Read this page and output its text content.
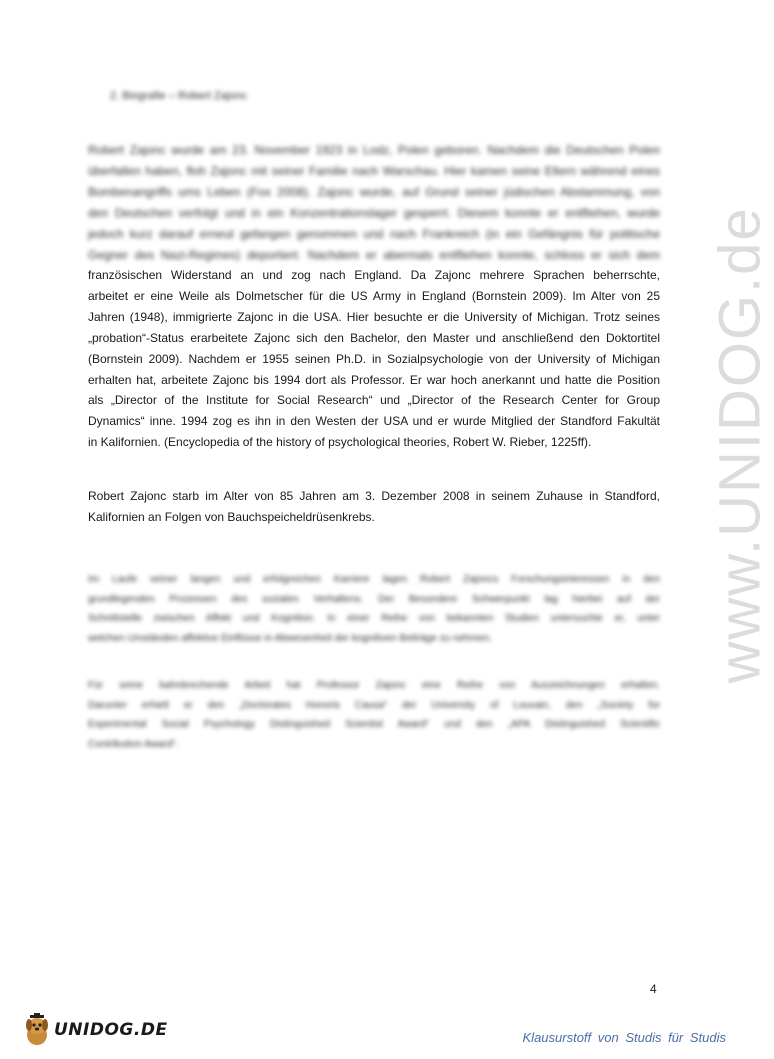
2. Biografie – Robert Zajonc
Robert Zajonc wurde am 23. November 1923 in Lodz, Polen geboren. Nachdem die Deutschen Polen
überfallen haben, floh Zajonc mit seiner Familie nach Warschau. Hier kamen seine Eltern während eines
Bombenangriffs ums Leben (Fox 2008). Zajonc wurde, auf Grund seiner jüdischen Abstammung, von
den Deutschen verfolgt und in ein Konzentrationslager gesperrt. Diesem konnte er entfliehen, wurde
jedoch kurz darauf erneut gefangen genommen und nach Frankreich (in ein Gefängnis für politische
Gegner des Nazi-Regimes) deportiert. Nachdem er abermals entfliehen konnte, schloss er sich dem
französischen Widerstand an und zog nach England. Da Zajonc mehrere Sprachen beherrschte,
arbeitet er eine Weile als Dolmetscher für die US Army in England (Bornstein 2009). Im Alter von 25
Jahren (1948), immigrierte Zajonc in die USA. Hier besuchte er die University of Michigan. Trotz seines
„probation“-Status erarbeitete Zajonc sich den Bachelor, den Master und anschließend den Doktortitel
(Bornstein 2009). Nachdem er 1955 seinen Ph.D. in Sozialpsychologie von der University of Michigan
erhalten hat, arbeitete Zajonc bis 1994 dort als Professor. Er war hoch anerkannt und hatte die Position
als „Director of the Institute for Social Research“ und „Director of the Research Center for Group
Dynamics“ inne. 1994 zog es ihn in den Westen der USA und er wurde Mitglied der Standford Fakultät
in Kalifornien. (Encyclopedia of the history of psychological theories, Robert W. Rieber, 1225ff).
Robert Zajonc starb im Alter von 85 Jahren am 3. Dezember 2008 in seinem Zuhause in Standford,
Kalifornien an Folgen von Bauchspeicheldrüsenkrebs.
Im Laufe seiner langen und erfolgreichen Karriere lagen Robert Zajoncs Forschungsinteressen in den
grundlegenden Prozessen des sozialen Verhaltens. Der Besondere Schwerpunkt lag hierbei auf der
Schnittstelle zwischen Affekt und Kognition. In einer Reihe von bekannten Studien untersuchte er, unter
welchen Umständen affektive Einflüsse in Abwesenheit der kognitiven Beiträge zu nehmen.
Für seine bahnbrechende Arbeit hat Professor Zajonc eine Reihe von Auszeichnungen erhalten.
Darunter erhielt er den „Doctorates Honoris Causa“ der University of Louvain, den „Society for
Experimental Social Psychology Distinguished Scientist Award“ und den „APA Distinguished Scientific
Contribution Award“.
www.UNIDOG.de
4
UNIDOG.DE	Klausurstoff von Studis für Studis
